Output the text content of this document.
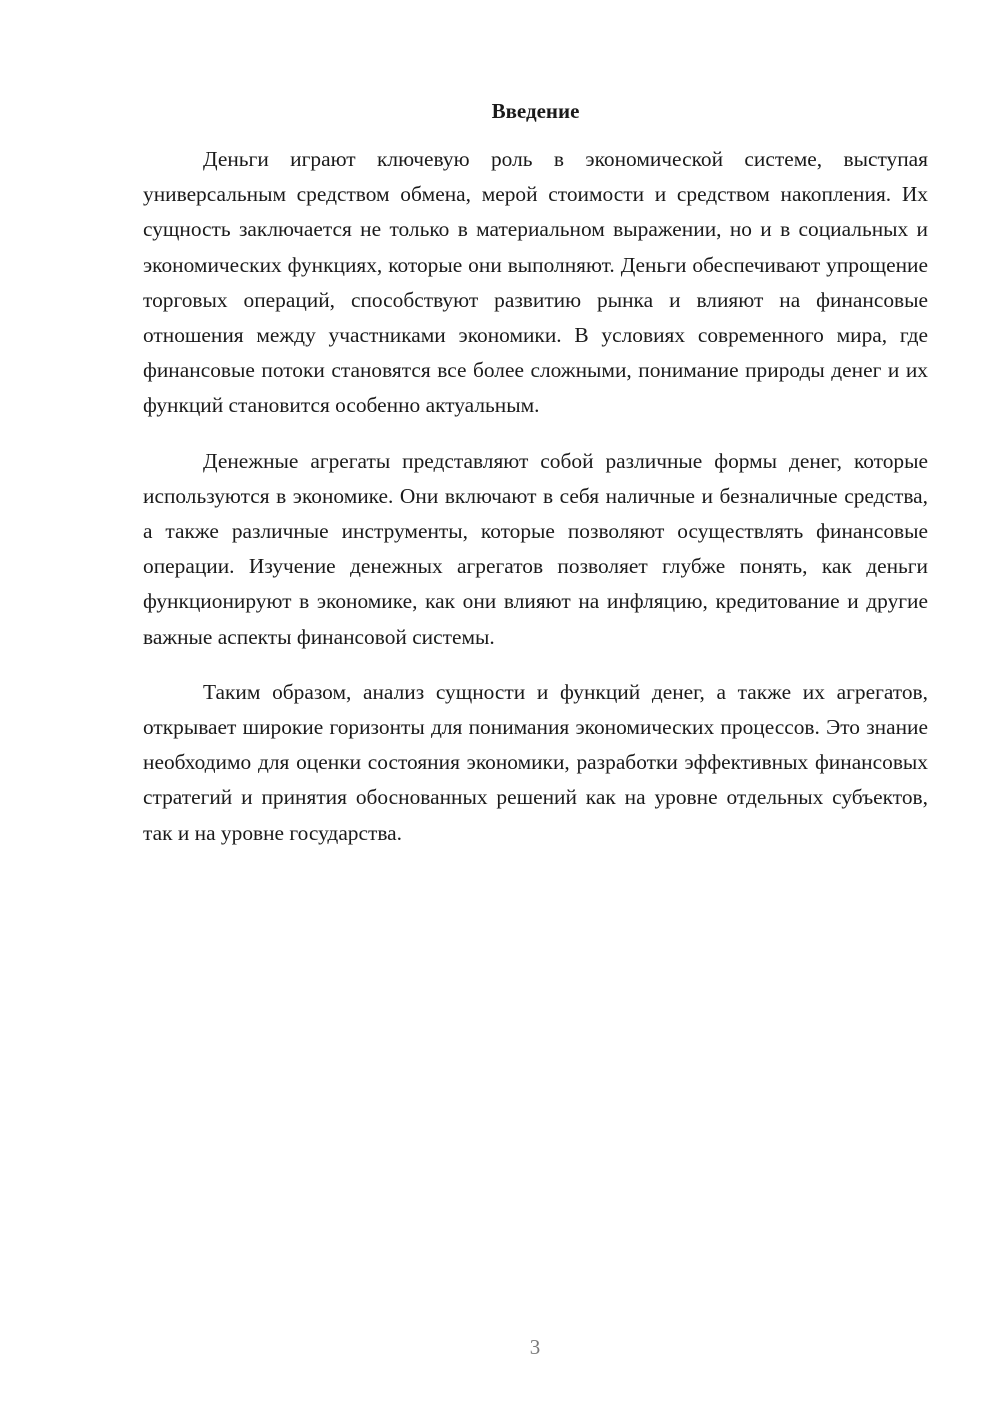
Введение

Деньги играют ключевую роль в экономической системе, выступая универсальным средством обмена, мерой стоимости и средством накопления. Их сущность заключается не только в материальном выражении, но и в социальных и экономических функциях, которые они выполняют. Деньги обеспечивают упрощение торговых операций, способствуют развитию рынка и влияют на финансовые отношения между участниками экономики. В условиях современного мира, где финансовые потоки становятся все более сложными, понимание природы денег и их функций становится особенно актуальным.

Денежные агрегаты представляют собой различные формы денег, которые используются в экономике. Они включают в себя наличные и безналичные средства, а также различные инструменты, которые позволяют осуществлять финансовые операции. Изучение денежных агрегатов позволяет глубже понять, как деньги функционируют в экономике, как они влияют на инфляцию, кредитование и другие важные аспекты финансовой системы.

Таким образом, анализ сущности и функций денег, а также их агрегатов, открывает широкие горизонты для понимания экономических процессов. Это знание необходимо для оценки состояния экономики, разработки эффективных финансовых стратегий и принятия обоснованных решений как на уровне отдельных субъектов, так и на уровне государства.

3
